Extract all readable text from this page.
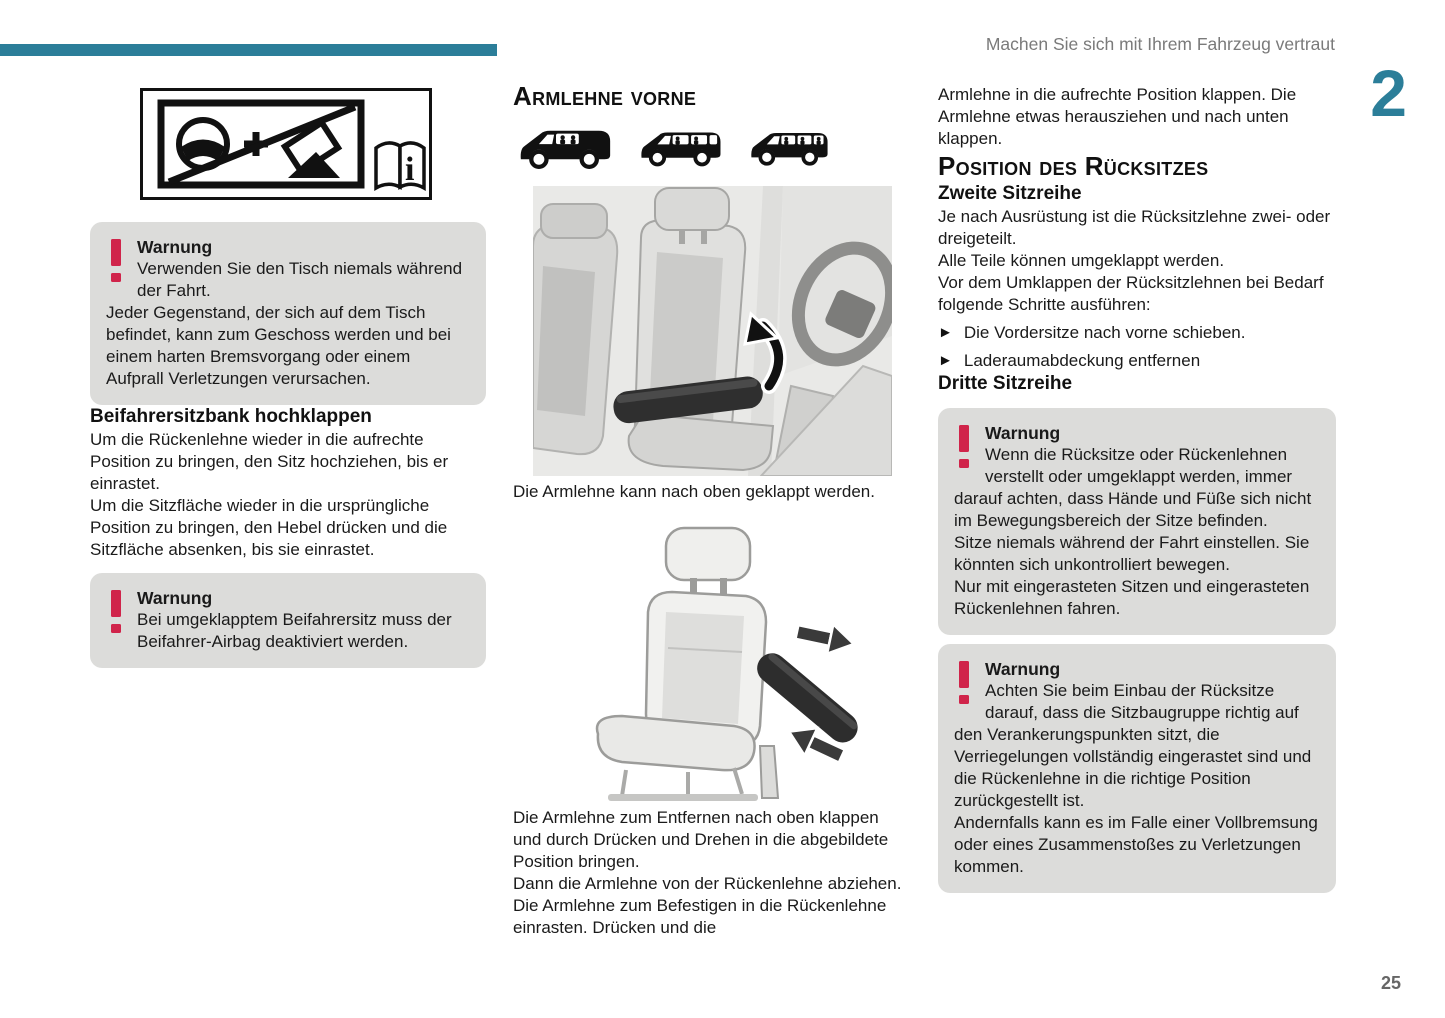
Machen Sie sich mit Ihrem Fahrzeug vertraut
2
i
Warnung

Verwenden Sie den Tisch niemals während der Fahrt.

Jeder Gegenstand, der sich auf dem Tisch befindet, kann zum Geschoss werden und bei einem harten Bremsvorgang oder einem Aufprall Verletzungen verursachen.

Beifahrersitzbank hochklappen

Um die Rückenlehne wieder in die aufrechte Position zu bringen, den Sitz hochziehen, bis er einrastet.

Um die Sitzfläche wieder in die ursprüngliche Position zu bringen, den Hebel drücken und die Sitzfläche absenken, bis sie einrastet.

Warnung

Bei umgeklapptem Beifahrersitz muss der Beifahrer-Airbag deaktiviert werden.

Armlehne vorne

Die Armlehne kann nach oben geklappt werden.

Die Armlehne zum Entfernen nach oben klappen und durch Drücken und Drehen in die abgebildete Position bringen.

Dann die Armlehne von der Rückenlehne abziehen.

Die Armlehne zum Befestigen in die Rückenlehne einrasten. Drücken und die

Armlehne in die aufrechte Position klappen. Die Armlehne etwas herausziehen und nach unten klappen.

Position des Rücksitzes
Zweite Sitzreihe

Je nach Ausrüstung ist die Rücksitzlehne zwei- oder dreigeteilt.

Alle Teile können umgeklappt werden.

Vor dem Umklappen der Rücksitzlehnen bei Bedarf folgende Schritte ausführen:

► Die Vordersitze nach vorne schieben.
► Laderaumabdeckung entfernen
Dritte Sitzreihe
Warnung

Wenn die Rücksitze oder Rückenlehnen verstellt oder umgeklappt werden, immer darauf achten, dass Hände und Füße sich nicht im Bewegungsbereich der Sitze befinden.

Sitze niemals während der Fahrt einstellen. Sie könnten sich unkontrolliert bewegen.

Nur mit eingerasteten Sitzen und eingerasteten Rückenlehnen fahren.

Warnung

Achten Sie beim Einbau der Rücksitze darauf, dass die Sitzbaugruppe richtig auf den Verankerungspunkten sitzt, die Verriegelungen vollständig eingerastet sind und die Rückenlehne in die richtige Position zurückgestellt ist.

Andernfalls kann es im Falle einer Vollbremsung oder eines Zusammenstoßes zu Verletzungen kommen.

25
